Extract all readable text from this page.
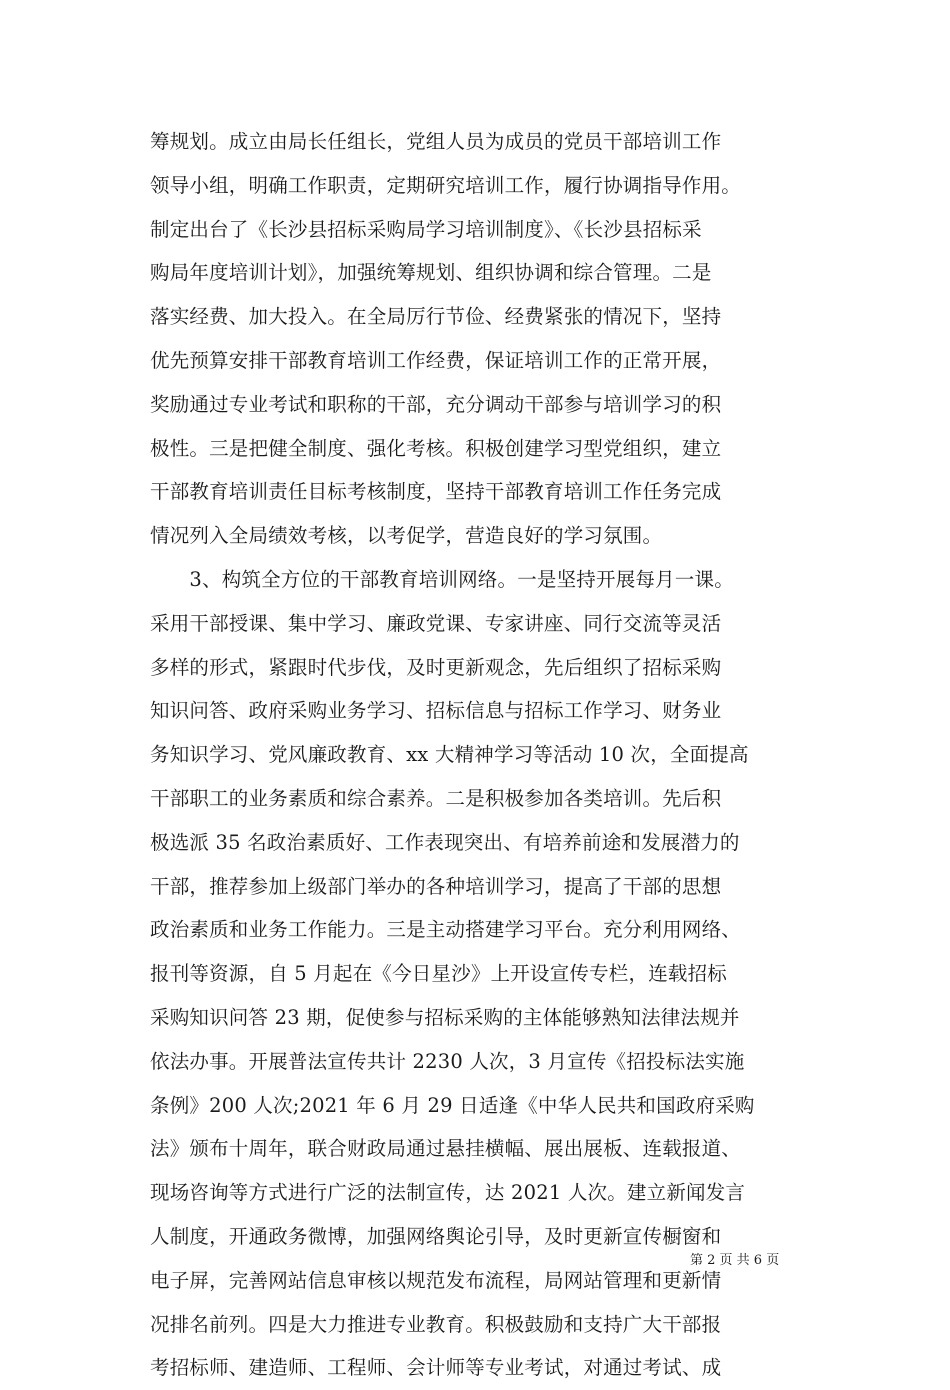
筹规划。成立由局长任组长，党组人员为成员的党员干部培训工作
领导小组，明确工作职责，定期研究培训工作，履行协调指导作用。
制定出台了《长沙县招标采购局学习培训制度》、《长沙县招标采
购局年度培训计划》，加强统筹规划、组织协调和综合管理。二是
落实经费、加大投入。在全局厉行节俭、经费紧张的情况下，坚持
优先预算安排干部教育培训工作经费，保证培训工作的正常开展，
奖励通过专业考试和职称的干部，充分调动干部参与培训学习的积
极性。三是把健全制度、强化考核。积极创建学习型党组织，建立
干部教育培训责任目标考核制度，坚持干部教育培训工作任务完成
情况列入全局绩效考核，以考促学，营造良好的学习氛围。
　　3、构筑全方位的干部教育培训网络。一是坚持开展每月一课。
采用干部授课、集中学习、廉政党课、专家讲座、同行交流等灵活
多样的形式，紧跟时代步伐，及时更新观念，先后组织了招标采购
知识问答、政府采购业务学习、招标信息与招标工作学习、财务业
务知识学习、党风廉政教育、xx 大精神学习等活动 10 次，全面提高
干部职工的业务素质和综合素养。二是积极参加各类培训。先后积
极选派 35 名政治素质好、工作表现突出、有培养前途和发展潜力的
干部，推荐参加上级部门举办的各种培训学习，提高了干部的思想
政治素质和业务工作能力。三是主动搭建学习平台。充分利用网络、
报刊等资源，自 5 月起在《今日星沙》上开设宣传专栏，连载招标
采购知识问答 23 期，促使参与招标采购的主体能够熟知法律法规并
依法办事。开展普法宣传共计 2230 人次，3 月宣传《招投标法实施
条例》200 人次;2021 年 6 月 29 日适逢《中华人民共和国政府采购
法》颁布十周年，联合财政局通过悬挂横幅、展出展板、连载报道、
现场咨询等方式进行广泛的法制宣传，达 2021 人次。建立新闻发言
人制度，开通政务微博，加强网络舆论引导，及时更新宣传橱窗和
电子屏，完善网站信息审核以规范发布流程，局网站管理和更新情
况排名前列。四是大力推进专业教育。积极鼓励和支持广大干部报
考招标师、建造师、工程师、会计师等专业考试，对通过考试、成
第 2 页 共 6 页
